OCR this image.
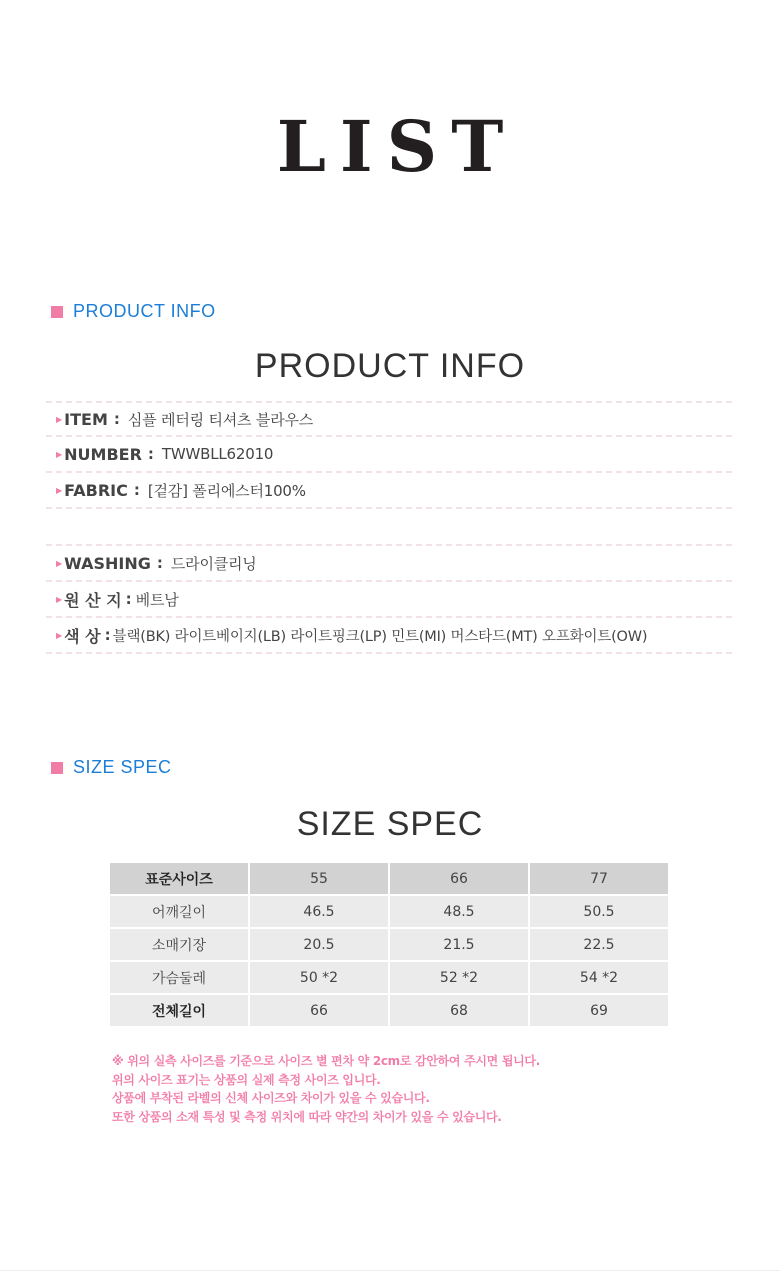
LIST
PRODUCT INFO
PRODUCT INFO
▶ ITEM : 심플 레터링 티셔츠 블라우스
▶ NUMBER : TWWBLL62010
▶ FABRIC : [겉감] 폴리에스터100%
▶ WASHING : 드라이클리닝
▶ 원 산 지 : 베트남
▶ 색 상 : 블랙(BK) 라이트베이지(LB) 라이트핑크(LP) 민트(MI) 머스타드(MT) 오프화이트(OW)
SIZE SPEC
SIZE SPEC
표준사이즈	55	66	77
어깨길이	46.5	48.5	50.5
소매기장	20.5	21.5	22.5
가슴둘레	50 *2	52 *2	54 *2
전체길이	66	68	69
※ 위의 실측 사이즈를 기준으로 사이즈 별 편차 약 2cm로 감안하여 주시면 됩니다.
위의 사이즈 표기는 상품의 실제 측정 사이즈 입니다.
상품에 부착된 라벨의 신체 사이즈와 차이가 있을 수 있습니다.
또한 상품의 소재 특성 및 측정 위치에 따라 약간의 차이가 있을 수 있습니다.
